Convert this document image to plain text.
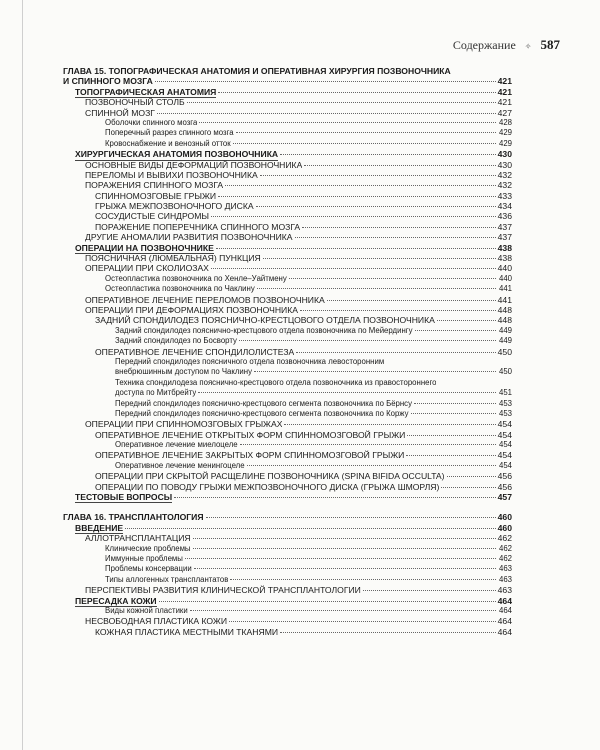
Содержание ✧ 587
ГЛАВА 15. ТОПОГРАФИЧЕСКАЯ АНАТОМИЯ И ОПЕРАТИВНАЯ ХИРУРГИЯ ПОЗВОНОЧНИКА
И СПИННОГО МОЗГА	421
ТОПОГРАФИЧЕСКАЯ АНАТОМИЯ	421
ПОЗВОНОЧНЫЙ СТОЛБ	421
СПИННОЙ МОЗГ	427
Оболочки спинного мозга	428
Поперечный разрез спинного мозга	429
Кровоснабжение и венозный отток	429
ХИРУРГИЧЕСКАЯ АНАТОМИЯ ПОЗВОНОЧНИКА	430
ОСНОВНЫЕ ВИДЫ ДЕФОРМАЦИЙ ПОЗВОНОЧНИКА	430
ПЕРЕЛОМЫ И ВЫВИХИ ПОЗВОНОЧНИКА	432
ПОРАЖЕНИЯ СПИННОГО МОЗГА	432
СПИННОМОЗГОВЫЕ ГРЫЖИ	433
ГРЫЖА МЕЖПОЗВОНОЧНОГО ДИСКА	434
СОСУДИСТЫЕ СИНДРОМЫ	436
ПОРАЖЕНИЕ ПОПЕРЕЧНИКА СПИННОГО МОЗГА	437
ДРУГИЕ АНОМАЛИИ РАЗВИТИЯ ПОЗВОНОЧНИКА	437
ОПЕРАЦИИ НА ПОЗВОНОЧНИКЕ	438
ПОЯСНИЧНАЯ (ЛЮМБАЛЬНАЯ) ПУНКЦИЯ	438
ОПЕРАЦИИ ПРИ СКОЛИОЗАХ	440
Остеопластика позвоночника по Хенле–Уайтмену	440
Остеопластика позвоночника по Чаклину	441
ОПЕРАТИВНОЕ ЛЕЧЕНИЕ ПЕРЕЛОМОВ ПОЗВОНОЧНИКА	441
ОПЕРАЦИИ ПРИ ДЕФОРМАЦИЯХ ПОЗВОНОЧНИКА	448
ЗАДНИЙ СПОНДИЛОДЕЗ ПОЯСНИЧНО-КРЕСТЦОВОГО ОТДЕЛА ПОЗВОНОЧНИКА	448
Задний спондилодез пояснично-крестцового отдела позвоночника по Мейердингу	449
Задний спондилодез по Босворту	449
ОПЕРАТИВНОЕ ЛЕЧЕНИЕ СПОНДИЛОЛИСТЕЗА	450
Передний спондилодез поясничного отдела позвоночника левосторонним
внебрюшинным доступом по Чаклину	450
Техника спондилодеза пояснично-крестцового отдела позвоночника из правостороннего
доступа по Митбрейту	451
Передний спондилодез пояснично-крестцового сегмента позвоночника по Бёрнсу	453
Передний спондилодез пояснично-крестцового сегмента позвоночника по Коржу	453
ОПЕРАЦИИ ПРИ СПИННОМОЗГОВЫХ ГРЫЖАХ	454
ОПЕРАТИВНОЕ ЛЕЧЕНИЕ ОТКРЫТЫХ ФОРМ СПИННОМОЗГОВОЙ ГРЫЖИ	454
Оперативное лечение миелоцеле	454
ОПЕРАТИВНОЕ ЛЕЧЕНИЕ ЗАКРЫТЫХ ФОРМ СПИННОМОЗГОВОЙ ГРЫЖИ	454
Оперативное лечение менингоцеле	454
ОПЕРАЦИИ ПРИ СКРЫТОЙ РАСЩЕЛИНЕ ПОЗВОНОЧНИКА (SPINA BIFIDA OCCULTA)	456
ОПЕРАЦИИ ПО ПОВОДУ ГРЫЖИ МЕЖПОЗВОНОЧНОГО ДИСКА (ГРЫЖА ШМОРЛЯ)	456
ТЕСТОВЫЕ ВОПРОСЫ	457
ГЛАВА 16. ТРАНСПЛАНТОЛОГИЯ	460
ВВЕДЕНИЕ	460
АЛЛОТРАНСПЛАНТАЦИЯ	462
Клинические проблемы	462
Иммунные проблемы	462
Проблемы консервации	463
Типы аллогенных трансплантатов	463
ПЕРСПЕКТИВЫ РАЗВИТИЯ КЛИНИЧЕСКОЙ ТРАНСПЛАНТОЛОГИИ	463
ПЕРЕСАДКА КОЖИ	464
Виды кожной пластики	464
НЕСВОБОДНАЯ ПЛАСТИКА КОЖИ	464
КОЖНАЯ ПЛАСТИКА МЕСТНЫМИ ТКАНЯМИ	464
